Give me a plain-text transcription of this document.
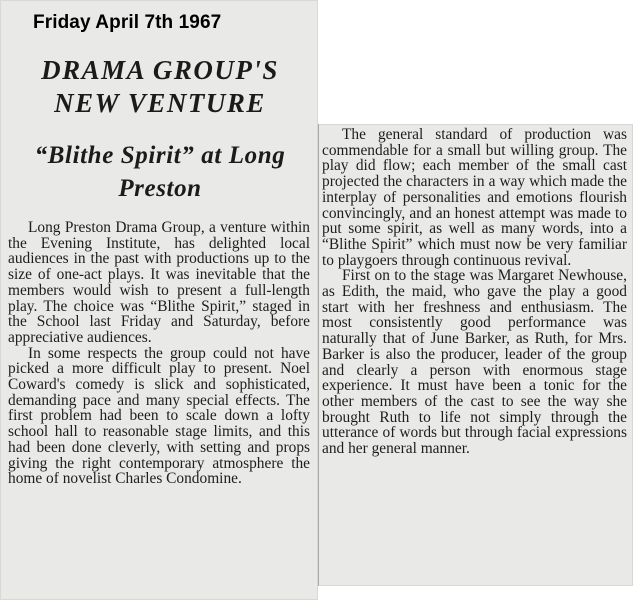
Friday April 7th 1967
DRAMA GROUP'S NEW VENTURE
“Blithe Spirit” at Long Preston

Long Preston Drama Group, a venture within the Evening Institute, has delighted local audiences in the past with productions up to the size of one-act plays. It was inevitable that the members would wish to present a full-length play. The choice was “Blithe Spirit,” staged in the School last Friday and Saturday, before appreciative audiences.

In some respects the group could not have picked a more difficult play to present. Noel Coward's comedy is slick and sophisticated, demanding pace and many special effects. The first problem had been to scale down a lofty school hall to reasonable stage limits, and this had been done cleverly, with setting and props giving the right contemporary atmosphere the home of novelist Charles Condomine.

The general standard of production was commendable for a small but willing group. The play did flow; each member of the small cast projected the characters in a way which made the interplay of personalities and emotions flourish convincingly, and an honest attempt was made to put some spirit, as well as many words, into a “Blithe Spirit” which must now be very familiar to playgoers through continuous revival.

First on to the stage was Margaret Newhouse, as Edith, the maid, who gave the play a good start with her freshness and enthusiasm. The most consistently good performance was naturally that of June Barker, as Ruth, for Mrs. Barker is also the producer, leader of the group and clearly a person with enormous stage experience. It must have been a tonic for the other members of the cast to see the way she brought Ruth to life not simply through the utterance of words but through facial expressions and her general manner.
